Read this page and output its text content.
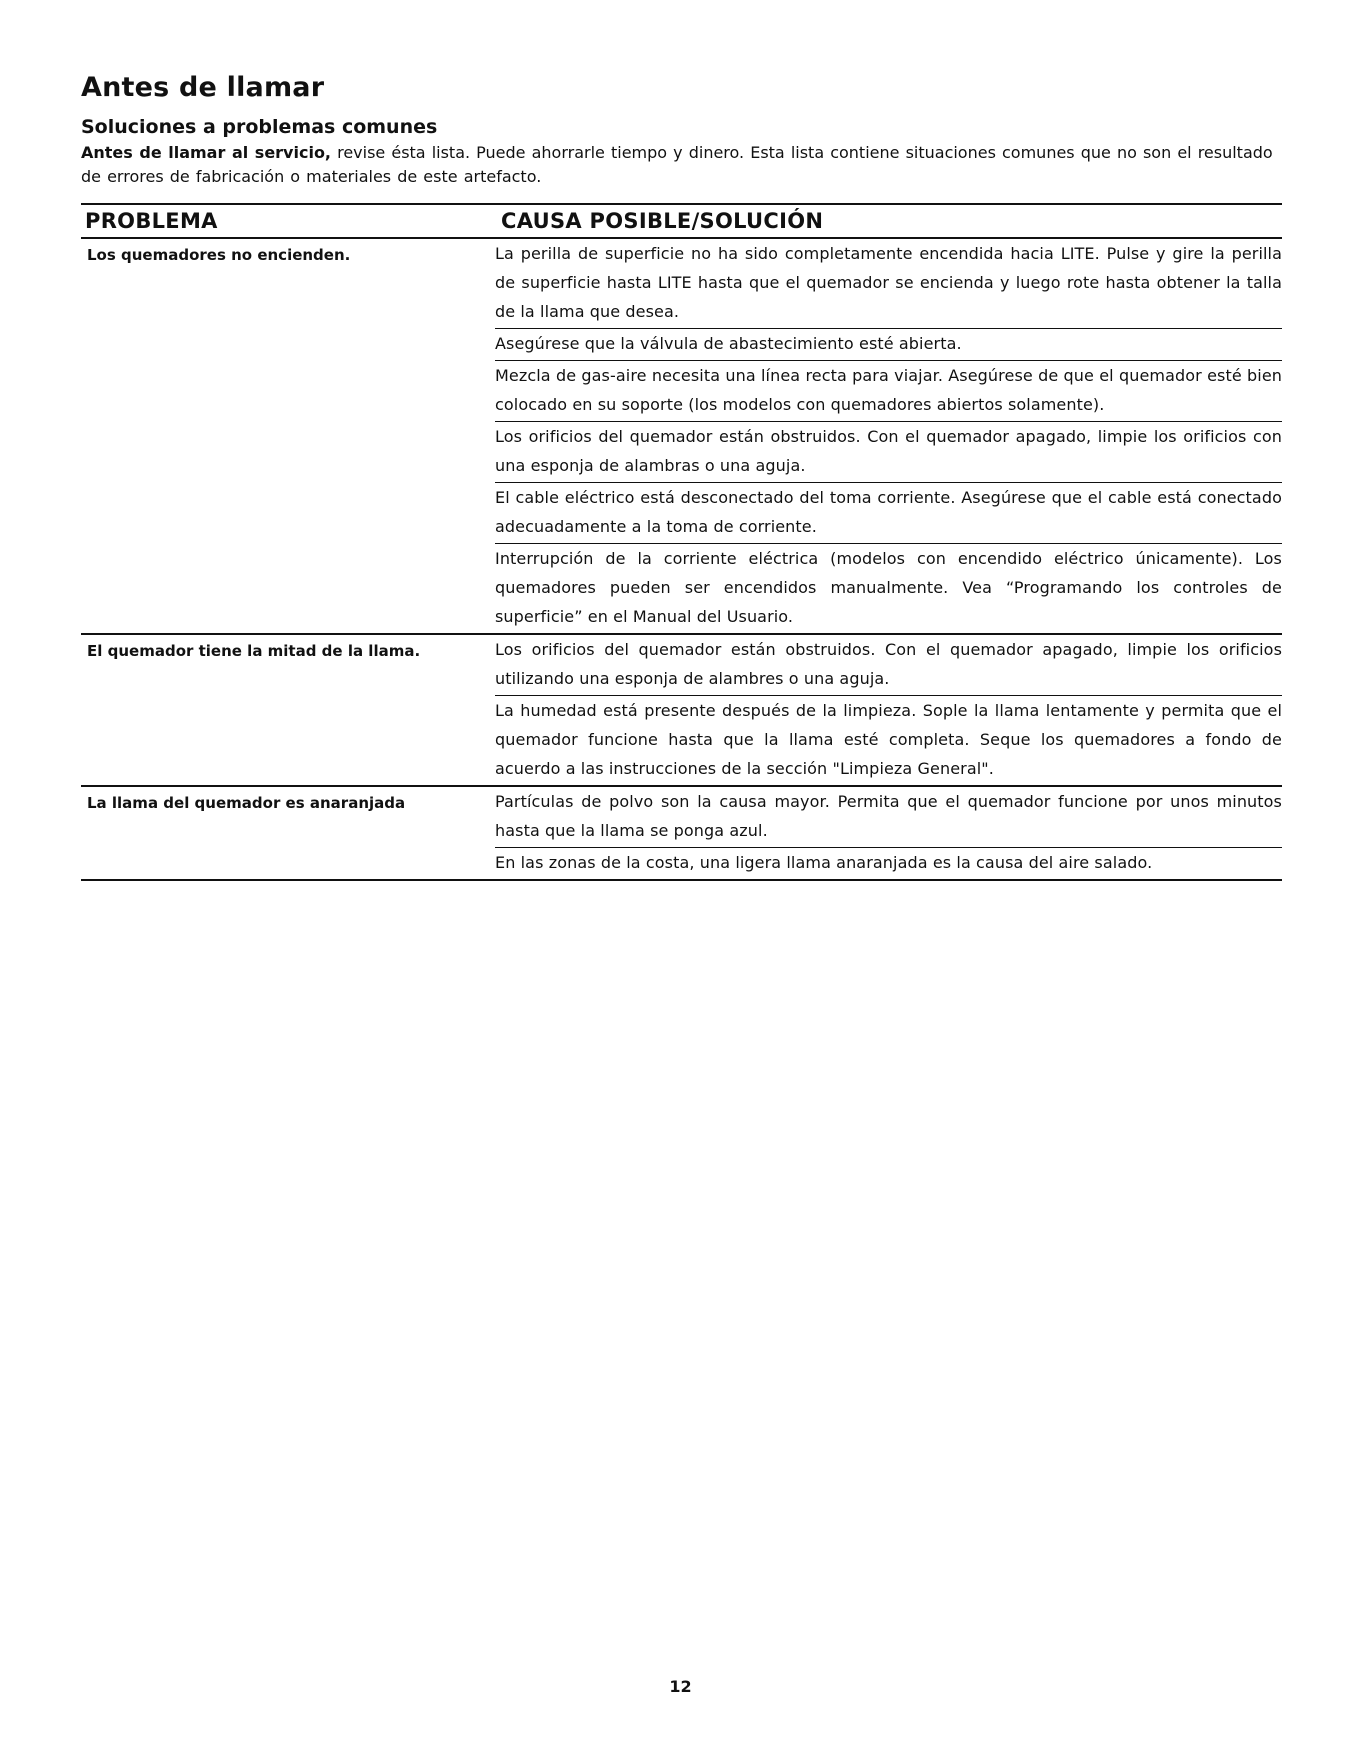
Antes de llamar
Soluciones a problemas comunes

Antes de llamar al servicio, revise ésta lista. Puede ahorrarle tiempo y dinero. Esta lista contiene situaciones comunes que no son el resultado de errores de fabricación o materiales de este artefacto.

PROBLEMA	CAUSA POSIBLE/SOLUCIÓN
Los quemadores no encienden.	La perilla de superficie no ha sido completamente encendida hacia LITE. Pulse y gire la perilla de superficie hasta LITE hasta que el quemador se encienda y luego rote hasta obtener la talla de la llama que desea.
Asegúrese que la válvula de abastecimiento esté abierta.
Mezcla de gas-aire necesita una línea recta para viajar. Asegúrese de que el quemador esté bien colocado en su soporte (los modelos con quemadores abiertos solamente).
Los orificios del quemador están obstruidos. Con el quemador apagado, limpie los orificios con una esponja de alambras o una aguja.
El cable eléctrico está desconectado del toma corriente. Asegúrese que el cable está conectado adecuadamente a la toma de corriente.
Interrupción de la corriente eléctrica (modelos con encendido eléctrico únicamente). Los quemadores pueden ser encendidos manualmente. Vea “Programando los controles de superficie” en el Manual del Usuario.
El quemador tiene la mitad de la llama.	Los orificios del quemador están obstruidos. Con el quemador apagado, limpie los orificios utilizando una esponja de alambres o una aguja.
La humedad está presente después de la limpieza. Sople la llama lentamente y permita que el quemador funcione hasta que la llama esté completa. Seque los quemadores a fondo de acuerdo a las instrucciones de la sección "Limpieza General".
La llama del quemador es anaranjada	Partículas de polvo son la causa mayor. Permita que el quemador funcione por unos minutos hasta que la llama se ponga azul.
En las zonas de la costa, una ligera llama anaranjada es la causa del aire salado.
12
